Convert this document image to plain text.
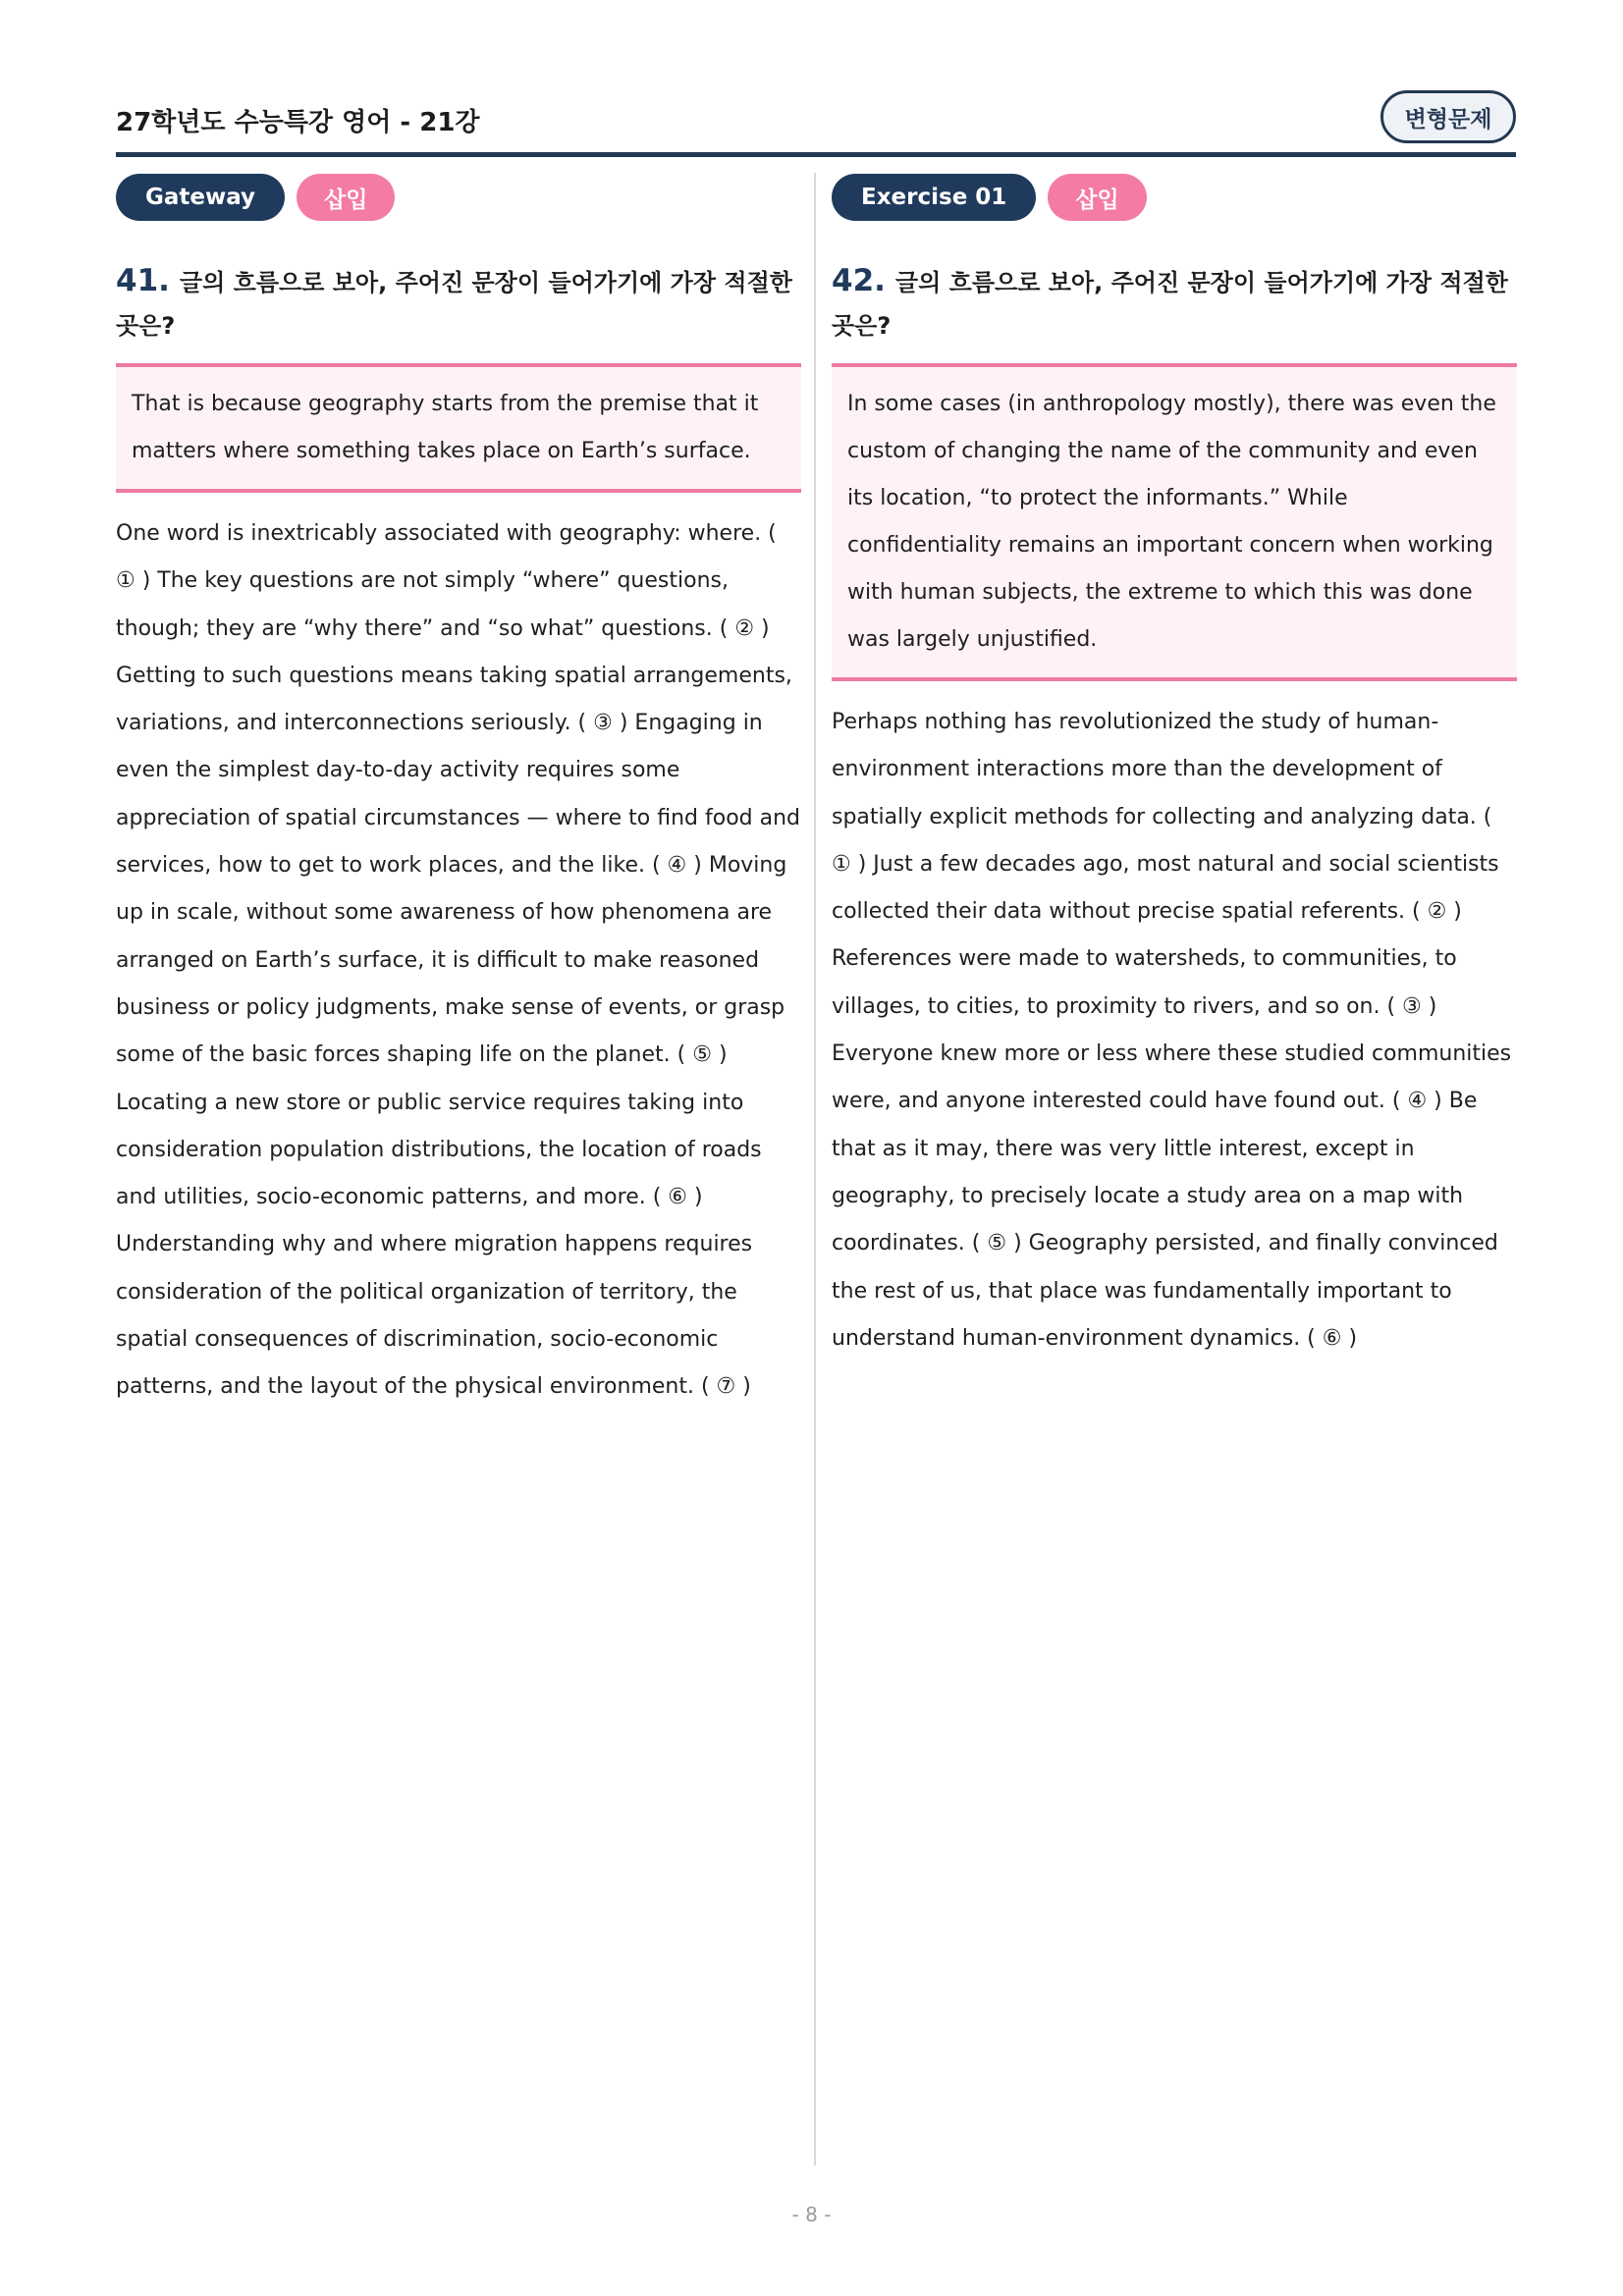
27학년도 수능특강 영어 - 21강	변형문제
Gateway	삽입
41. 글의 흐름으로 보아, 주어진 문장이 들어가기에 가장 적절한 곳은?
That is because geography starts from the premise that it matters where something takes place on Earth’s surface.
One word is inextricably associated with geography: where. ( ① ) The key questions are not simply “where” questions, though; they are “why there” and “so what” questions. ( ② ) Getting to such questions means taking spatial arrangements, variations, and interconnections seriously. ( ③ ) Engaging in even the simplest day-to-day activity requires some appreciation of spatial circumstances — where to find food and services, how to get to work places, and the like. ( ④ ) Moving up in scale, without some awareness of how phenomena are arranged on Earth’s surface, it is difficult to make reasoned business or policy judgments, make sense of events, or grasp some of the basic forces shaping life on the planet. ( ⑤ ) Locating a new store or public service requires taking into consideration population distributions, the location of roads and utilities, socio-economic patterns, and more. ( ⑥ ) Understanding why and where migration happens requires consideration of the political organization of territory, the spatial consequences of discrimination, socio-economic patterns, and the layout of the physical environment. ( ⑦ )
Exercise 01	삽입
42. 글의 흐름으로 보아, 주어진 문장이 들어가기에 가장 적절한 곳은?
In some cases (in anthropology mostly), there was even the custom of changing the name of the community and even its location, “to protect the informants.” While confidentiality remains an important concern when working with human subjects, the extreme to which this was done was largely unjustified.
Perhaps nothing has revolutionized the study of human-environment interactions more than the development of spatially explicit methods for collecting and analyzing data. ( ① ) Just a few decades ago, most natural and social scientists collected their data without precise spatial referents. ( ② ) References were made to watersheds, to communities, to villages, to cities, to proximity to rivers, and so on. ( ③ ) Everyone knew more or less where these studied communities were, and anyone interested could have found out. ( ④ ) Be that as it may, there was very little interest, except in geography, to precisely locate a study area on a map with coordinates. ( ⑤ ) Geography persisted, and finally convinced the rest of us, that place was fundamentally important to understand human-environment dynamics. ( ⑥ )
- 8 -
